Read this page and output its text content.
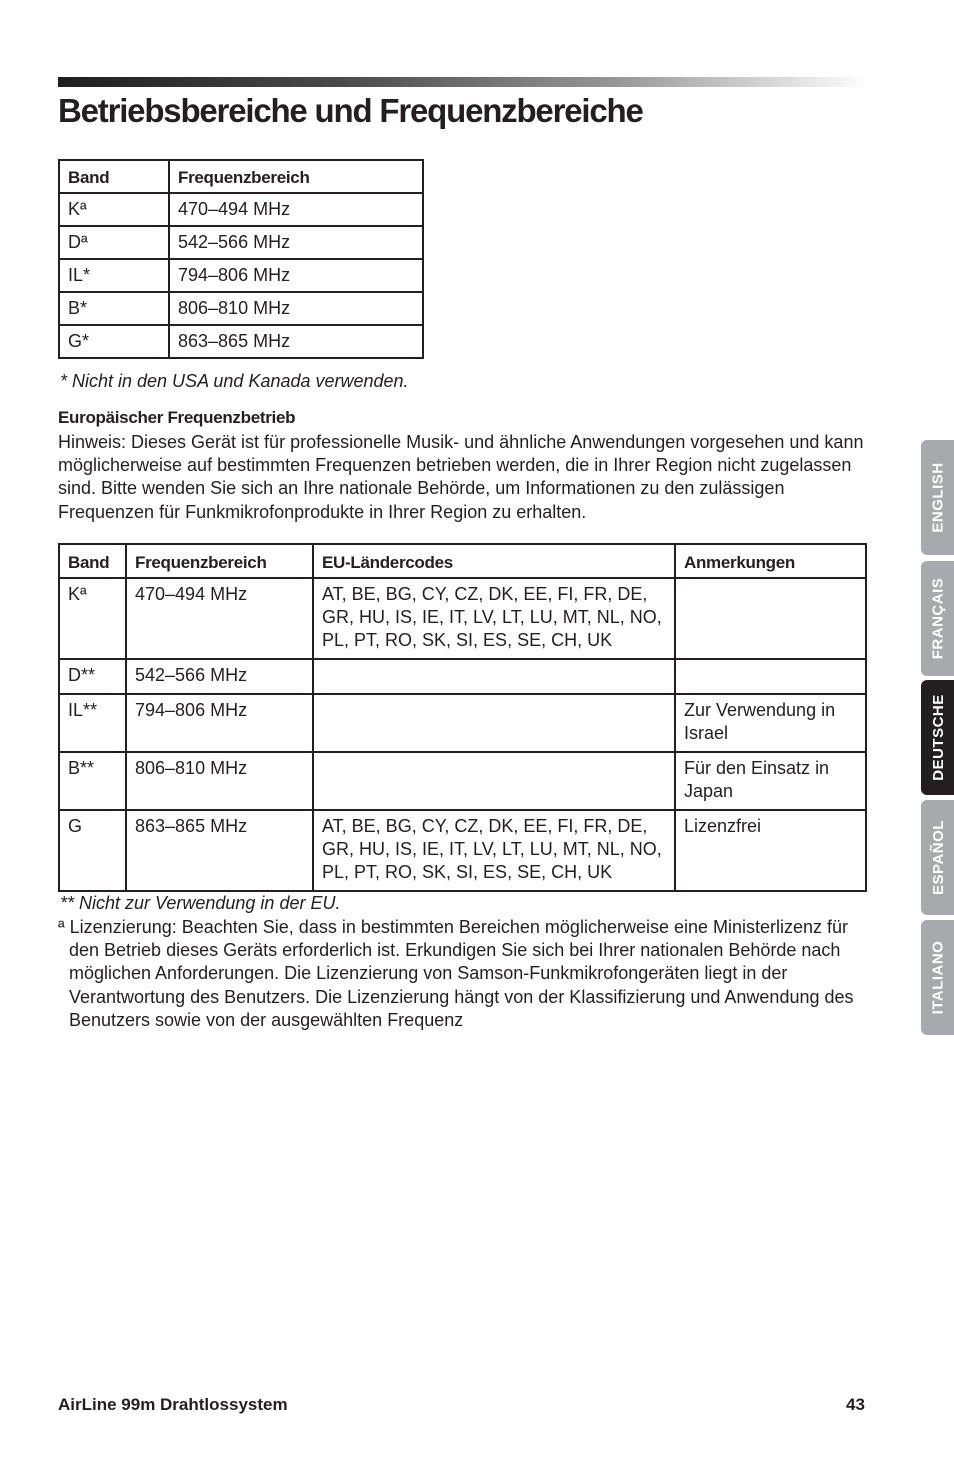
Betriebsbereiche und Frequenzbereiche
Band	Frequenzbereich
Kª	470–494 MHz
Dª	542–566 MHz
IL*	794–806 MHz
B*	806–810 MHz
G*	863–865 MHz
* Nicht in den USA und Kanada verwenden.
Europäischer Frequenzbetrieb

Hinweis: Dieses Gerät ist für professionelle Musik- und ähnliche Anwendungen vorgesehen und kann möglicherweise auf bestimmten Frequenzen betrieben werden, die in Ihrer Region nicht zugelassen sind. Bitte wenden Sie sich an Ihre nationale Behörde, um Informationen zu den zulässigen Frequenzen für Funkmikrofonprodukte in Ihrer Region zu erhalten.

Band	Frequenzbereich	EU-Ländercodes	Anmerkungen
Kª	470–494 MHz	AT, BE, BG, CY, CZ, DK, EE, FI, FR, DE, GR, HU, IS, IE, IT, LV, LT, LU, MT, NL, NO, PL, PT, RO, SK, SI, ES, SE, CH, UK	
D**	542–566 MHz		
IL**	794–806 MHz		Zur Verwendung in Israel
B**	806–810 MHz		Für den Einsatz in Japan
G	863–865 MHz	AT, BE, BG, CY, CZ, DK, EE, FI, FR, DE, GR, HU, IS, IE, IT, LV, LT, LU, MT, NL, NO, PL, PT, RO, SK, SI, ES, SE, CH, UK	Lizenzfrei
** Nicht zur Verwendung in der EU.

ª Lizenzierung: Beachten Sie, dass in bestimmten Bereichen möglicherweise eine Ministerlizenz für den Betrieb dieses Geräts erforderlich ist. Erkundigen Sie sich bei Ihrer nationalen Behörde nach möglichen Anforderungen. Die Lizenzierung von Samson-Funkmikrofongeräten liegt in der Verantwortung des Benutzers. Die Lizenzierung hängt von der Klassifizierung und Anwendung des Benutzers sowie von der ausgewählten Frequenz

AirLine 99m Drahtlossystem	43
ENGLISH
FRANÇAIS
DEUTSCHE
ESPAÑOL
ITALIANO
